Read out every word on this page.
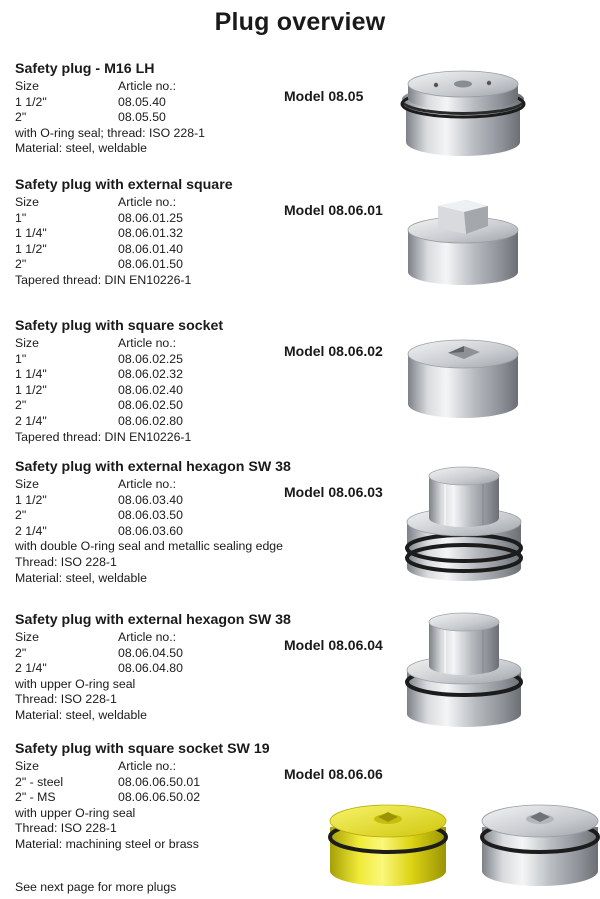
Plug overview
Safety plug - M16 LH
Size	Article no.:
1 1/2"	08.05.40
2"	08.05.50
with O-ring seal; thread: ISO 228-1
Material: steel, weldable
Model 08.05
Safety plug with external square
Size	Article no.:
1"	08.06.01.25
1 1/4"	08.06.01.32
1 1/2"	08.06.01.40
2"	08.06.01.50
Tapered thread: DIN EN10226-1
Model 08.06.01
Safety plug with square socket
Size	Article no.:
1"	08.06.02.25
1 1/4"	08.06.02.32
1 1/2"	08.06.02.40
2"	08.06.02.50
2 1/4"	08.06.02.80
Tapered thread: DIN EN10226-1
Model 08.06.02
Safety plug with external hexagon SW 38
Size	Article no.:
1 1/2"	08.06.03.40
2"	08.06.03.50
2 1/4"	08.06.03.60
with double O-ring seal and metallic sealing edge
Thread: ISO 228-1
Material: steel, weldable
Model 08.06.03
Safety plug with external hexagon SW 38
Size	Article no.:
2"	08.06.04.50
2 1/4"	08.06.04.80
with upper O-ring seal
Thread: ISO 228-1
Material: steel, weldable
Model 08.06.04
Safety plug with square socket SW 19
Size	Article no.:
2" - steel	08.06.06.50.01
2" - MS	08.06.06.50.02
with upper O-ring seal
Thread: ISO 228-1
Material: machining steel or brass
Model 08.06.06
See next page for more plugs
